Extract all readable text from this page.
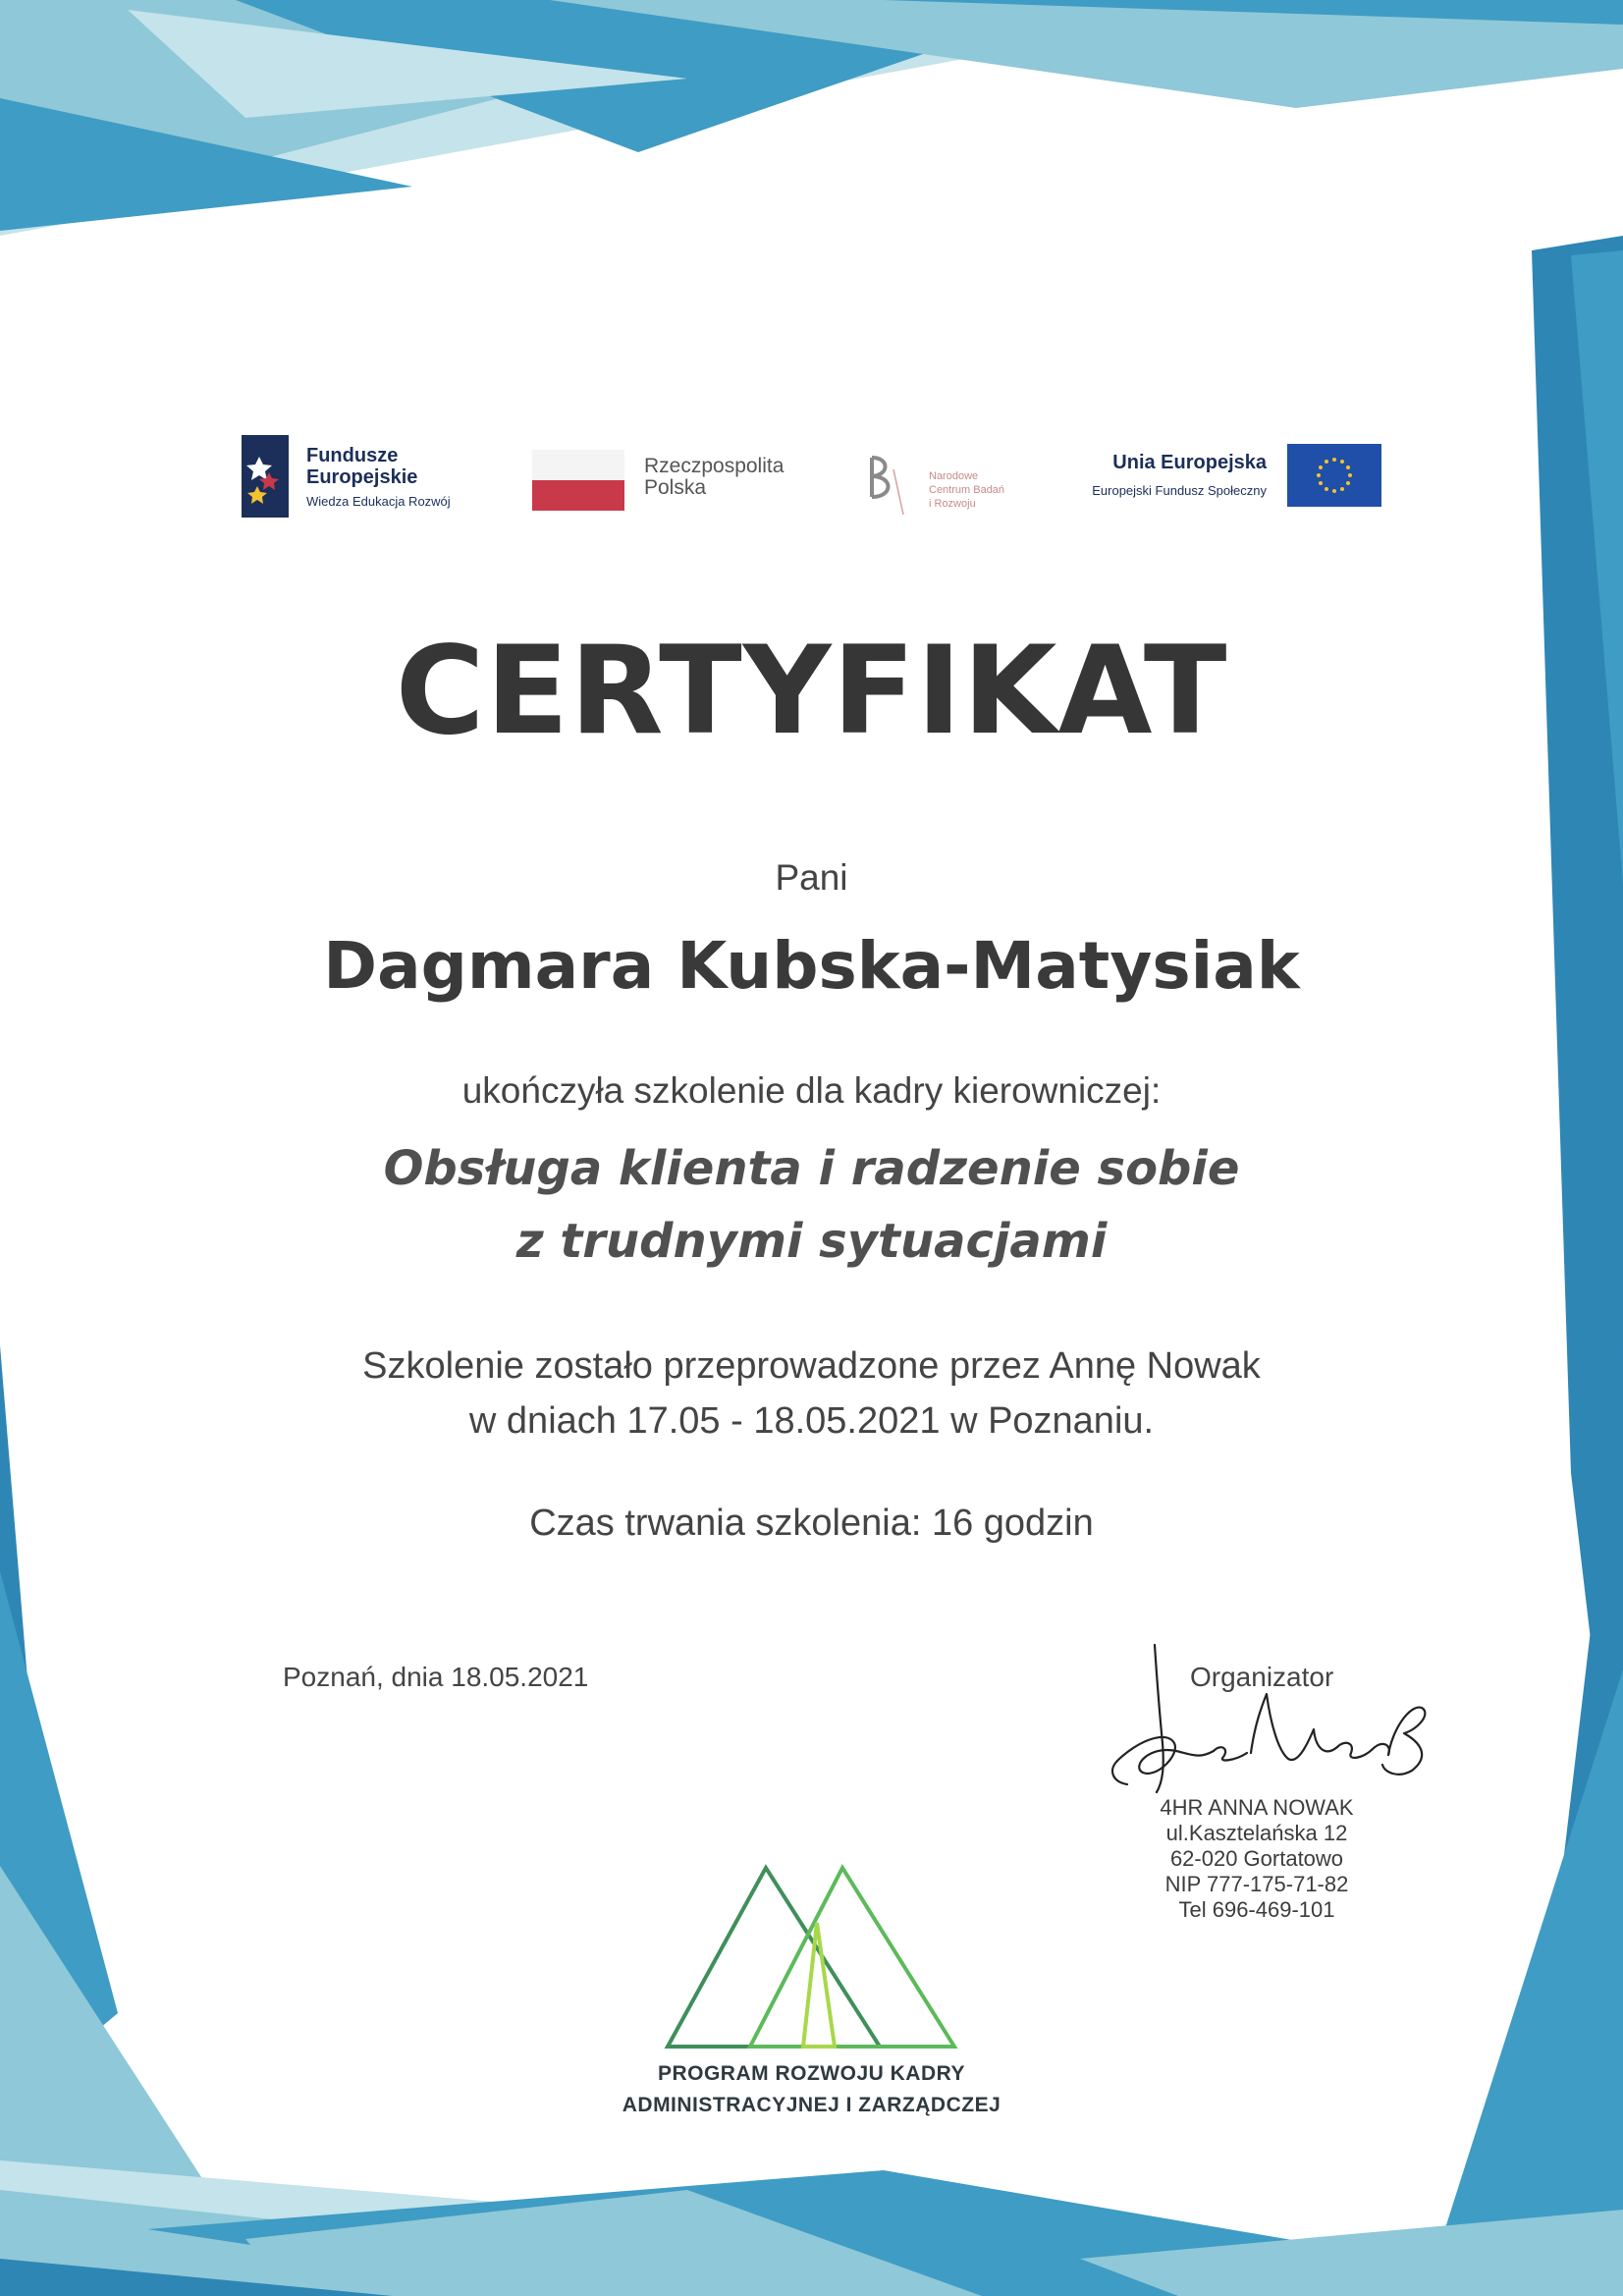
Fundusze Europejskie
Wiedza Edukacja Rozwój
Rzeczpospolita Polska	Narodowe Centrum Badań i Rozwoju
Unia Europejska
Europejski Fundusz Społeczny
CERTYFIKAT
Pani
Dagmara Kubska-Matysiak
ukończyła szkolenie dla kadry kierowniczej:
Obsługa klienta i radzenie sobie
z trudnymi sytuacjami
Szkolenie zostało przeprowadzone przez Annę Nowak
w dniach 17.05 - 18.05.2021 w Poznaniu.
Czas trwania szkolenia: 16 godzin
Poznań, dnia 18.05.2021	Organizator
4HR ANNA NOWAK
ul.Kasztelańska 12
62-020 Gortatowo
NIP 777-175-71-82
Tel 696-469-101
PROGRAM ROZWOJU KADRY
ADMINISTRACYJNEJ I ZARZĄDCZEJ
